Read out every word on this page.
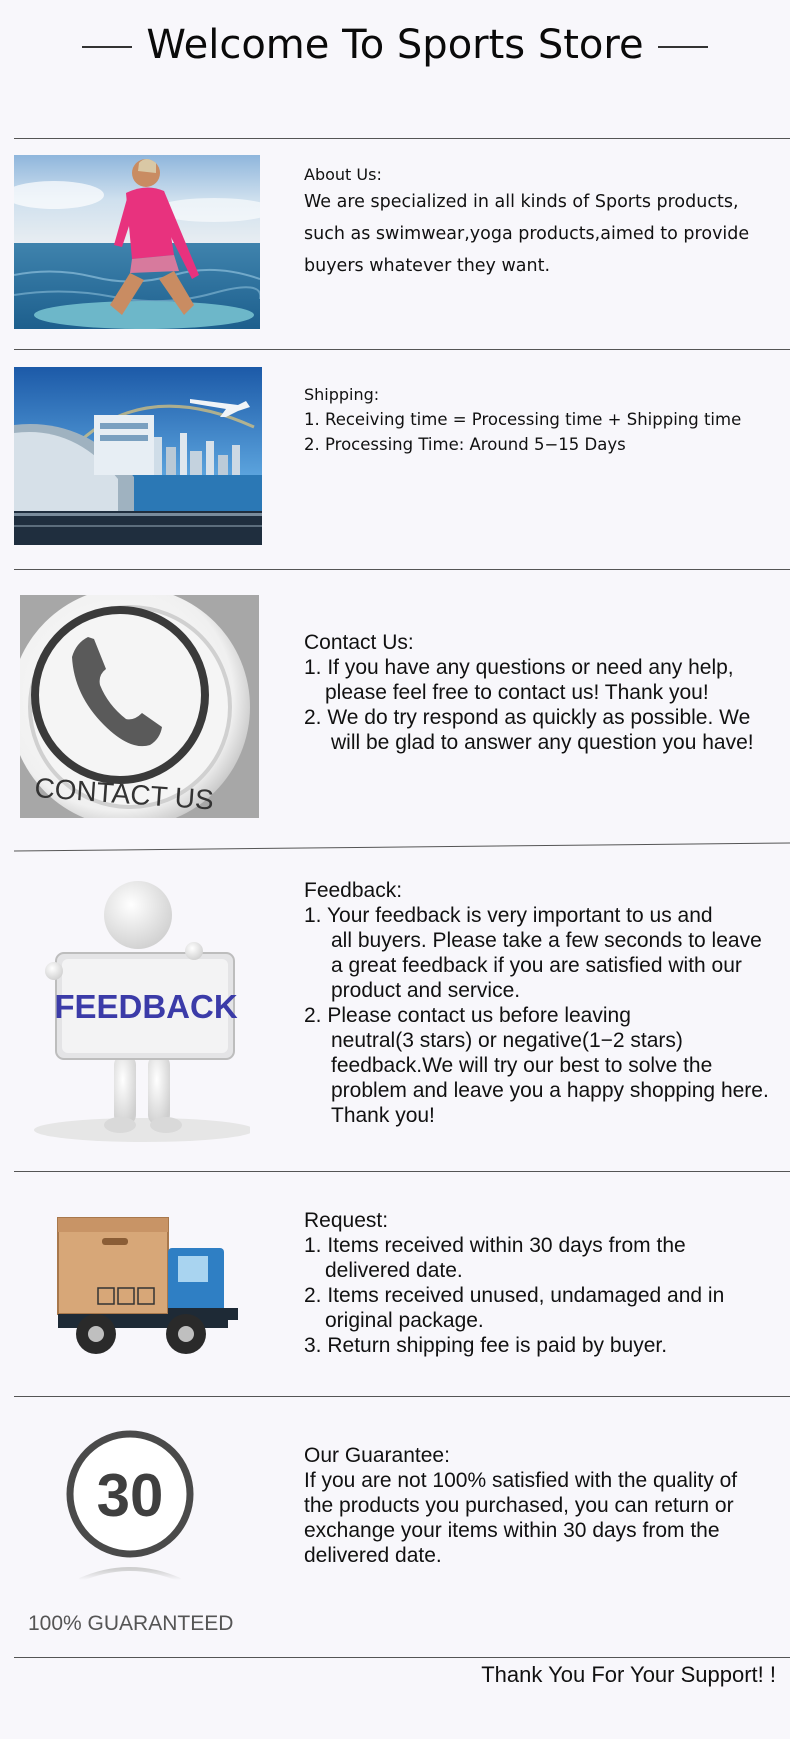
Welcome To Sports Store

About Us:

We are specialized in all kinds of Sports products,

such as swimwear,yoga products,aimed to provide

buyers whatever they want.

Shipping:

1. Receiving time = Processing time + Shipping time

2. Processing Time: Around 5−15 Days

CONTACT US

Contact Us:

1. If you have any questions or need any help,

please feel free to contact us! Thank you!

2. We do try respond as quickly as possible. We

will be glad to answer any question you have!

FEEDBACK

Feedback:

1. Your feedback is very important to us and

all buyers. Please take a few seconds to leave

a great feedback if you are satisfied with our

product and service.

2. Please contact us before leaving

neutral(3 stars) or negative(1−2 stars)

feedback.We will try our best to solve the

problem and leave you a happy shopping here.

Thank you!

Request:

1. Items received within 30 days from the

delivered date.

2. Items received unused, undamaged and in

original package.

3. Return shipping fee is paid by buyer.

30
100% GUARANTEED

Our Guarantee:

If you are not 100% satisfied with the quality of

the products you purchased, you can return or

exchange your items within 30 days from the

delivered date.

Thank You For Your Support! !
